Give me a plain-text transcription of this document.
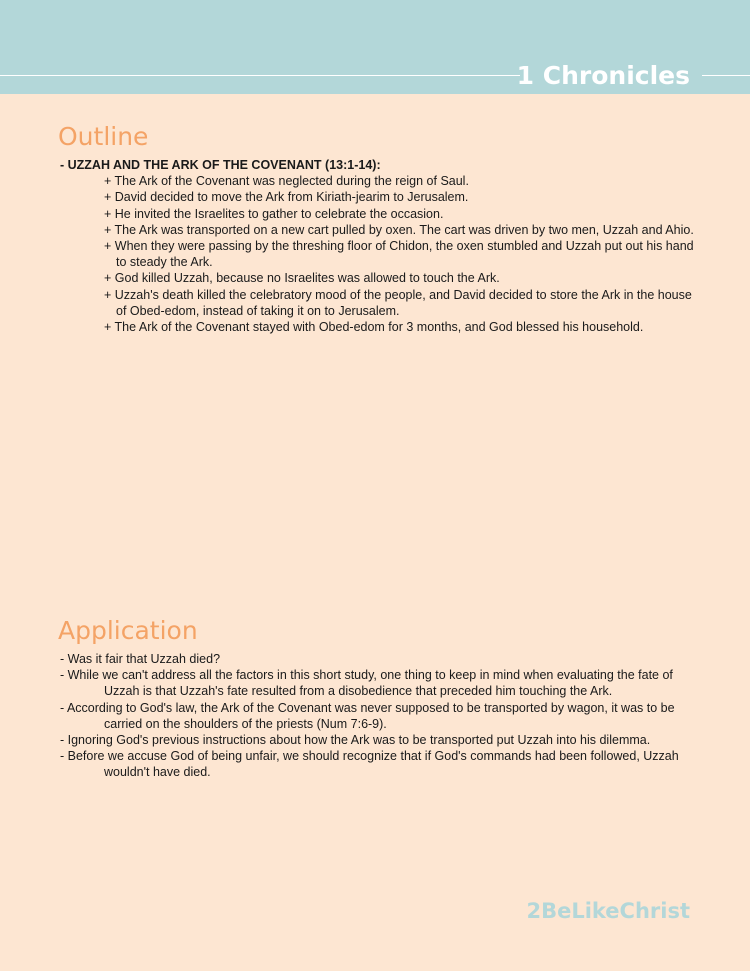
1 Chronicles
Outline

- UZZAH AND THE ARK OF THE COVENANT (13:1-14):

+ The Ark of the Covenant was neglected during the reign of Saul.
+ David decided to move the Ark from Kiriath-jearim to Jerusalem.
+ He invited the Israelites to gather to celebrate the occasion.
+ The Ark was transported on a new cart pulled by oxen. The cart was driven by two men, Uzzah and Ahio.
+ When they were passing by the threshing floor of Chidon, the oxen stumbled and Uzzah put out his hand to steady the Ark.
+ God killed Uzzah, because no Israelites was allowed to touch the Ark.
+ Uzzah's death killed the celebratory mood of the people, and David decided to store the Ark in the house of Obed-edom, instead of taking it on to Jerusalem.
+ The Ark of the Covenant stayed with Obed-edom for 3 months, and God blessed his household.
Application
- Was it fair that Uzzah died?
- While we can't address all the factors in this short study, one thing to keep in mind when evaluating the fate of Uzzah is that Uzzah's fate resulted from a disobedience that preceded him touching the Ark.
- According to God's law, the Ark of the Covenant was never supposed to be transported by wagon, it was to be carried on the shoulders of the priests (Num 7:6-9).
- Ignoring God's previous instructions about how the Ark was to be transported put Uzzah into his dilemma.
- Before we accuse God of being unfair, we should recognize that if God's commands had been followed, Uzzah wouldn't have died.
2BeLikeChrist
